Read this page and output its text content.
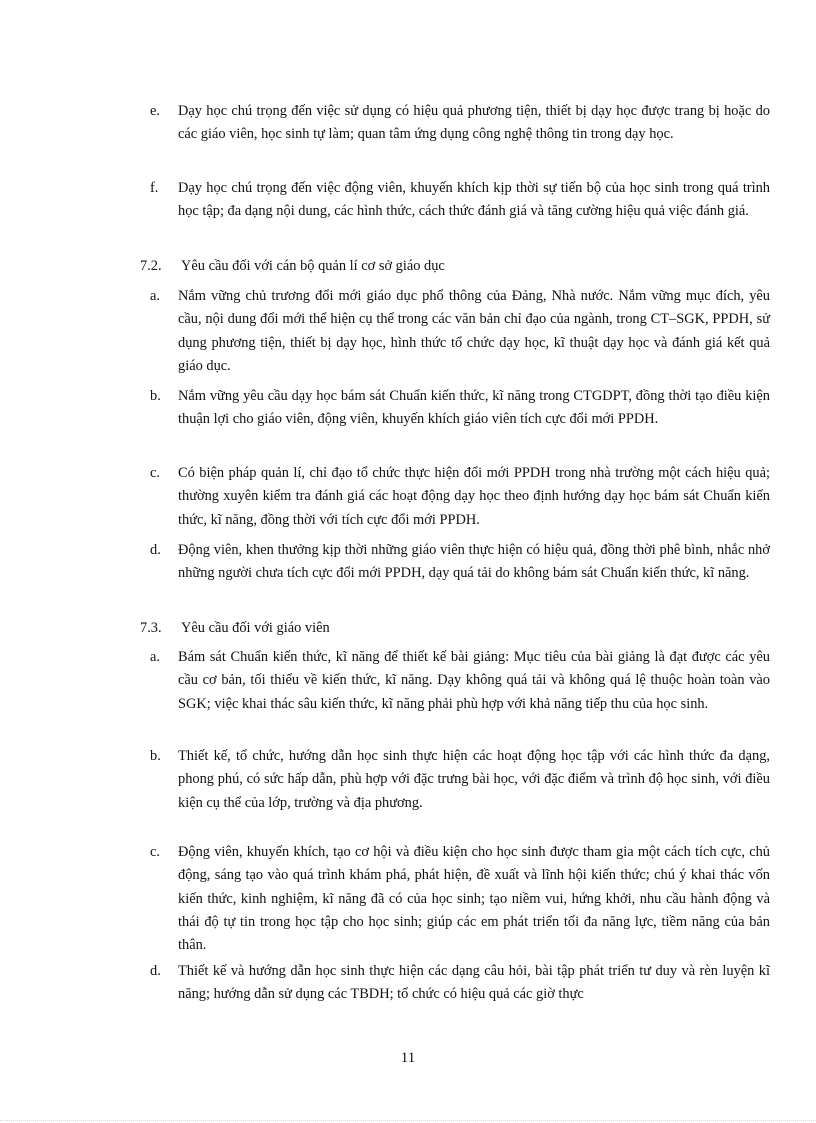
e. Dạy học chú trọng đến việc sử dụng có hiệu quả phương tiện, thiết bị dạy học được trang bị hoặc do các giáo viên, học sinh tự làm; quan tâm ứng dụng công nghệ thông tin trong dạy học.
f. Dạy học chú trọng đến việc động viên, khuyến khích kịp thời sự tiến bộ của học sinh trong quá trình học tập; đa dạng nội dung, các hình thức, cách thức đánh giá và tăng cường hiệu quả việc đánh giá.
7.2. Yêu cầu đối với cán bộ quản lí cơ sở giáo dục
a. Nắm vững chủ trương đổi mới giáo dục phổ thông của Đảng, Nhà nước. Nắm vững mục đích, yêu cầu, nội dung đổi mới thể hiện cụ thể trong các văn bản chỉ đạo của ngành, trong CT–SGK, PPDH, sử dụng phương tiện, thiết bị dạy học, hình thức tổ chức dạy học, kĩ thuật dạy học và đánh giá kết quả giáo dục.
b. Nắm vững yêu cầu dạy học bám sát Chuẩn kiến thức, kĩ năng trong CTGDPT, đồng thời tạo điều kiện thuận lợi cho giáo viên, động viên, khuyến khích giáo viên tích cực đổi mới PPDH.
c. Có biện pháp quản lí, chỉ đạo tổ chức thực hiện đổi mới PPDH trong nhà trường một cách hiệu quả; thường xuyên kiểm tra đánh giá các hoạt động dạy học theo định hướng dạy học bám sát Chuẩn kiến thức, kĩ năng, đồng thời với tích cực đổi mới PPDH.
d. Động viên, khen thưởng kịp thời những giáo viên thực hiện có hiệu quả, đồng thời phê bình, nhắc nhở những người chưa tích cực đổi mới PPDH, dạy quá tải do không bám sát Chuẩn kiến thức, kĩ năng.
7.3. Yêu cầu đối với giáo viên
a. Bám sát Chuẩn kiến thức, kĩ năng để thiết kế bài giảng: Mục tiêu của bài giảng là đạt được các yêu cầu cơ bản, tối thiểu về kiến thức, kĩ năng. Dạy không quá tải và không quá lệ thuộc hoàn toàn vào SGK; việc khai thác sâu kiến thức, kĩ năng phải phù hợp với khả năng tiếp thu của học sinh.
b. Thiết kế, tổ chức, hướng dẫn học sinh thực hiện các hoạt động học tập với các hình thức đa dạng, phong phú, có sức hấp dẫn, phù hợp với đặc trưng bài học, với đặc điểm và trình độ học sinh, với điều kiện cụ thể của lớp, trường và địa phương.
c. Động viên, khuyến khích, tạo cơ hội và điều kiện cho học sinh được tham gia một cách tích cực, chủ động, sáng tạo vào quá trình khám phá, phát hiện, đề xuất và lĩnh hội kiến thức; chú ý khai thác vốn kiến thức, kinh nghiệm, kĩ năng đã có của học sinh; tạo niềm vui, hứng khởi, nhu cầu hành động và thái độ tự tin trong học tập cho học sinh; giúp các em phát triển tối đa năng lực, tiềm năng của bản thân.
d. Thiết kế và hướng dẫn học sinh thực hiện các dạng câu hỏi, bài tập phát triển tư duy và rèn luyện kĩ năng; hướng dẫn sử dụng các TBDH; tổ chức có hiệu quả các giờ thực
11
